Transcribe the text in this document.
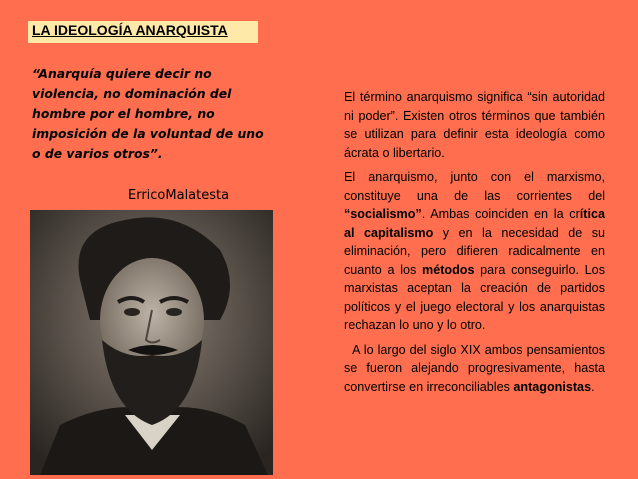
LA IDEOLOGÍA ANARQUISTA
“Anarquía quiere decir no violencia, no dominación del hombre por el hombre, no imposición de la voluntad de uno o de varios otros”.
ErricoMalatesta

El término anarquismo significa “sin autoridad ni poder”. Existen otros términos que también se utilizan para definir esta ideología como ácrata o libertario.

El anarquismo, junto con el marxismo, constituye una de las corrientes del “socialismo”. Ambas coinciden en la crítica al capitalismo y en la necesidad de su eliminación, pero difieren radicalmente en cuanto a los métodos para conseguirlo. Los marxistas aceptan la creación de partidos políticos y el juego electoral y los anarquistas rechazan lo uno y lo otro.

A lo largo del siglo XIX ambos pensamientos se fueron alejando progresivamente, hasta convertirse en irreconciliables antagonistas.
